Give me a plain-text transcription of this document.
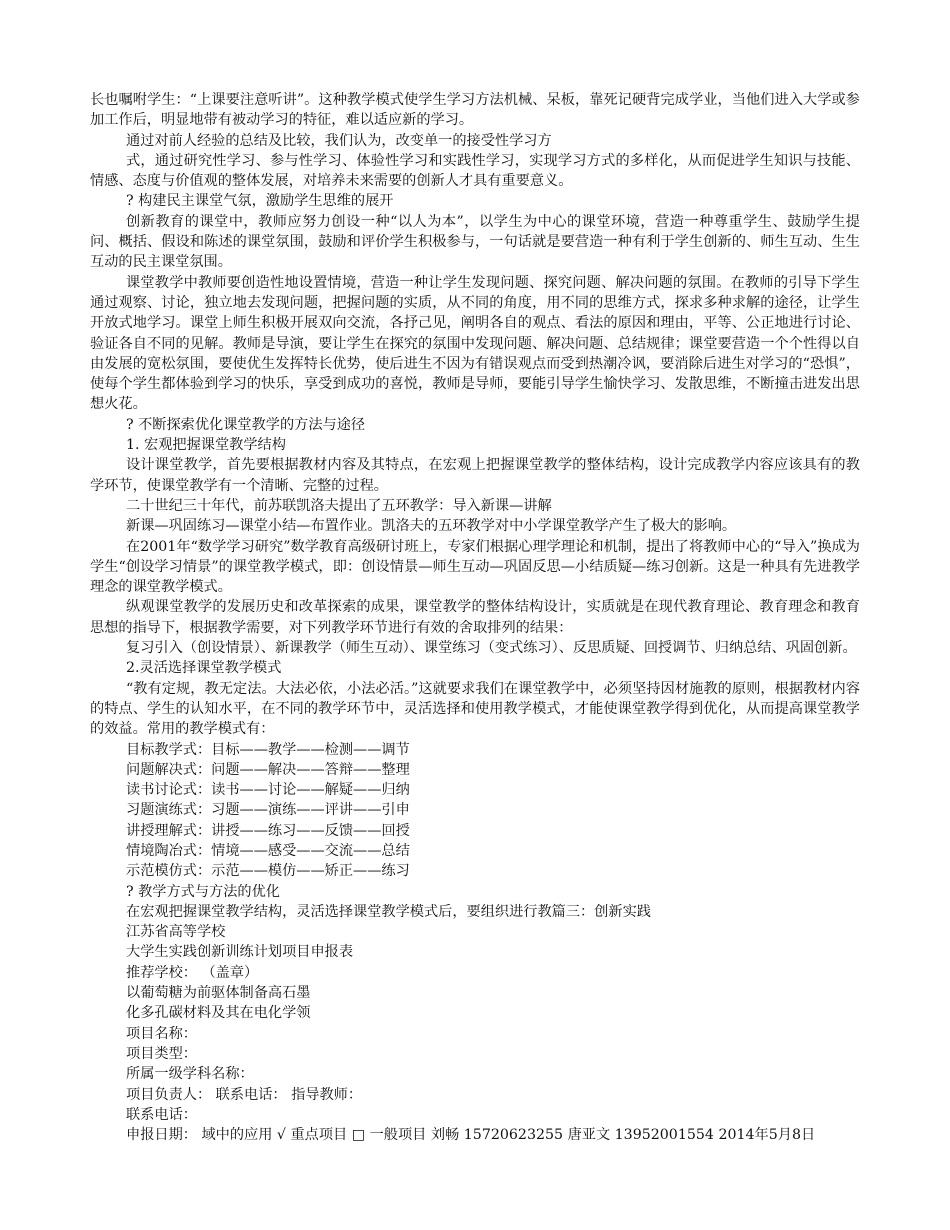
长也嘱咐学生：“上课要注意听讲”。这种教学模式使学生学习方法机械、呆板，靠死记硬背完成学业，当他们进入大学或参加工作后，明显地带有被动学习的特征，难以适应新的学习。

通过对前人经验的总结及比较，我们认为，改变单一的接受性学习方

式，通过研究性学习、参与性学习、体验性学习和实践性学习，实现学习方式的多样化，从而促进学生知识与技能、情感、态度与价值观的整体发展，对培养未来需要的创新人才具有重要意义。

? 构建民主课堂气氛，激励学生思维的展开

创新教育的课堂中，教师应努力创设一种“以人为本”，以学生为中心的课堂环境，营造一种尊重学生、鼓励学生提问、概括、假设和陈述的课堂氛围，鼓励和评价学生积极参与，一句话就是要营造一种有利于学生创新的、师生互动、生生互动的民主课堂氛围。

课堂教学中教师要创造性地设置情境，营造一种让学生发现问题、探究问题、解决问题的氛围。在教师的引导下学生通过观察、讨论，独立地去发现问题，把握问题的实质，从不同的角度，用不同的思维方式，探求多种求解的途径，让学生开放式地学习。课堂上师生积极开展双向交流，各抒己见，阐明各自的观点、看法的原因和理由，平等、公正地进行讨论、验证各自不同的见解。教师是导演，要让学生在探究的氛围中发现问题、解决问题、总结规律；课堂要营造一个个性得以自由发展的宽松氛围，要使优生发挥特长优势，使后进生不因为有错误观点而受到热潮冷讽，要消除后进生对学习的“恐惧”，使每个学生都体验到学习的快乐，享受到成功的喜悦，教师是导师，要能引导学生愉快学习、发散思维，不断撞击进发出思想火花。

? 不断探索优化课堂教学的方法与途径

1. 宏观把握课堂教学结构

设计课堂教学，首先要根据教材内容及其特点，在宏观上把握课堂教学的整体结构，设计完成教学内容应该具有的教学环节，使课堂教学有一个清晰、完整的过程。

二十世纪三十年代，前苏联凯洛夫提出了五环教学：导入新课—讲解

新课—巩固练习—课堂小结—布置作业。凯洛夫的五环教学对中小学课堂教学产生了极大的影响。

在2001年“数学学习研究”数学教育高级研讨班上，专家们根据心理学理论和机制，提出了将教师中心的“导入”换成为学生“创设学习情景”的课堂教学模式，即：创设情景—师生互动—巩固反思—小结质疑—练习创新。这是一种具有先进教学理念的课堂教学模式。

纵观课堂教学的发展历史和改革探索的成果，课堂教学的整体结构设计，实质就是在现代教育理论、教育理念和教育思想的指导下，根据教学需要，对下列教学环节进行有效的舍取排列的结果：

复习引入（创设情景）、新课教学（师生互动）、课堂练习（变式练习）、反思质疑、回授调节、归纳总结、巩固创新。

2.灵活选择课堂教学模式

“教有定规，教无定法。大法必依，小法必活。”这就要求我们在课堂教学中，必须坚持因材施教的原则，根据教材内容的特点、学生的认知水平，在不同的教学环节中，灵活选择和使用教学模式，才能使课堂教学得到优化，从而提高课堂教学的效益。常用的教学模式有：

目标教学式：目标——教学——检测——调节

问题解决式：问题——解决——答辩——整理

读书讨论式：读书——讨论——解疑——归纳

习题演练式：习题——演练——评讲——引申

讲授理解式：讲授——练习——反馈——回授

情境陶冶式：情境——感受——交流——总结

示范模仿式：示范——模仿——矫正——练习

? 教学方式与方法的优化

在宏观把握课堂教学结构，灵活选择课堂教学模式后，要组织进行教篇三：创新实践

江苏省高等学校

大学生实践创新训练计划项目申报表

推荐学校： （盖章）

以葡萄糖为前驱体制备高石墨

化多孔碳材料及其在电化学领

项目名称：

项目类型：

所属一级学科名称：

项目负责人： 联系电话： 指导教师：

联系电话：

申报日期： 域中的应用 √ 重点项目 □ 一般项目 刘畅 15720623255 唐亚文 13952001554 2014年5月8日
